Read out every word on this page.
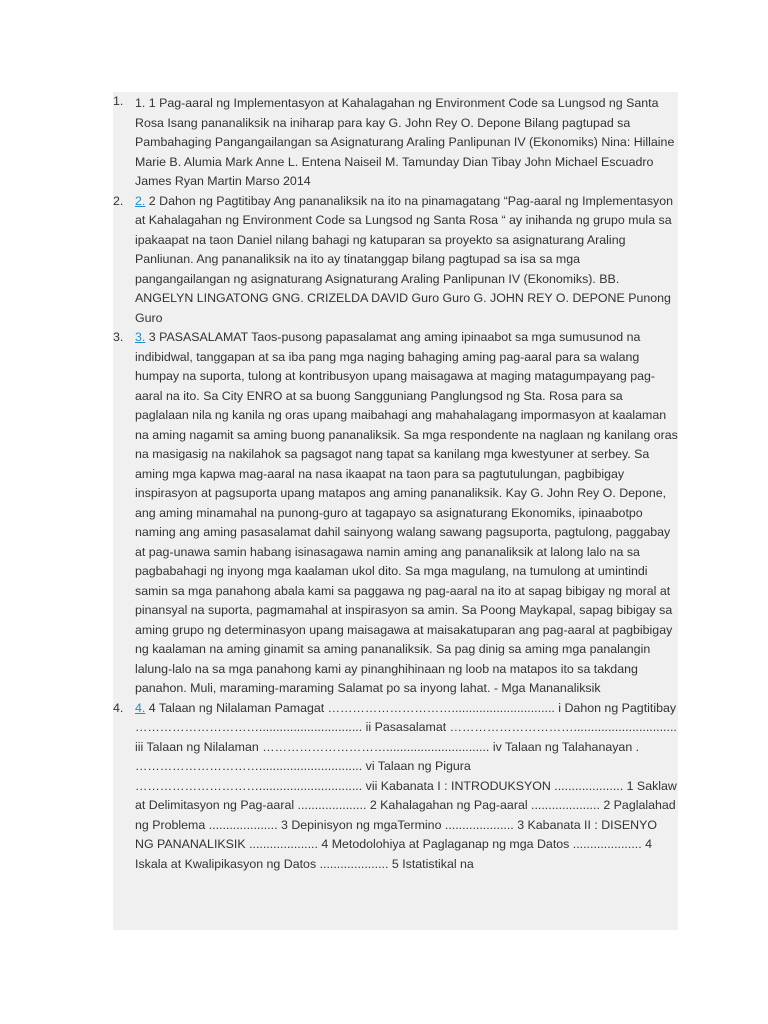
1. 1. 1 Pag-aaral ng Implementasyon at Kahalagahan ng Environment Code sa Lungsod ng Santa Rosa Isang pananaliksik na iniharap para kay G. John Rey O. Depone Bilang pagtupad sa Pambahaging Pangangailangan sa Asignaturang Araling Panlipunan IV (Ekonomiks) Nina: Hillaine Marie B. Alumia Mark Anne L. Entena Naiseil M. Tamunday Dian Tibay John Michael Escuadro James Ryan Martin Marso 2014
2. 2. 2 Dahon ng Pagtitibay Ang pananaliksik na ito na pinamagatang “Pag-aaral ng Implementasyon at Kahalagahan ng Environment Code sa Lungsod ng Santa Rosa “ ay inihanda ng grupo mula sa ipakaapat na taon Daniel nilang bahagi ng katuparan sa proyekto sa asignaturang Araling Panliunan. Ang pananaliksik na ito ay tinatanggap bilang pagtupad sa isa sa mga pangangailangan ng asignaturang Asignaturang Araling Panlipunan IV (Ekonomiks). BB. ANGELYN LINGATONG GNG. CRIZELDA DAVID Guro Guro G. JOHN REY O. DEPONE Punong Guro
3. 3. 3 PASASALAMAT Taos-pusong papasalamat ang aming ipinaabot sa mga sumusunod na indibidwal, tanggapan at sa iba pang mga naging bahaging aming pag-aaral para sa walang humpay na suporta, tulong at kontribusyon upang maisagawa at maging matagumpayang pag-aaral na ito. Sa City ENRO at sa buong Sangguniang Panglungsod ng Sta. Rosa para sa paglalaan nila ng kanila ng oras upang maibahagi ang mahahalagang impormasyon at kaalaman na aming nagamit sa aming buong pananaliksik. Sa mga respondente na naglaan ng kanilang oras na masigasig na nakilahok sa pagsagot nang tapat sa kanilang mga kwestyuner at serbey. Sa aming mga kapwa mag-aaral na nasa ikaapat na taon para sa pagtutulungan, pagbibigay inspirasyon at pagsuporta upang matapos ang aming pananaliksik. Kay G. John Rey O. Depone, ang aming minamahal na punong-guro at tagapayo sa asignaturang Ekonomiks, ipinaabotpo naming ang aming pasasalamat dahil sainyong walang sawang pagsuporta, pagtulong, paggabay at pag-unawa samin habang isinasagawa namin aming ang pananaliksik at lalong lalo na sa pagbabahagi ng inyong mga kaalaman ukol dito. Sa mga magulang, na tumulong at umintindi samin sa mga panahong abala kami sa paggawa ng pag-aaral na ito at sapag bibigay ng moral at pinansyal na suporta, pagmamahal at inspirasyon sa amin. Sa Poong Maykapal, sapag bibigay sa aming grupo ng determinasyon upang maisagawa at maisakatuparan ang pag-aaral at pagbibigay ng kaalaman na aming ginamit sa aming pananaliksik. Sa pag dinig sa aming mga panalangin lalung-lalo na sa mga panahong kami ay pinanghihinaan ng loob na matapos ito sa takdang panahon. Muli, maraming-maraming Salamat po sa inyong lahat. - Mga Mananaliksik
4. 4. 4 Talaan ng Nilalaman Pamagat ………………………….............................. i Dahon ng Pagtitibay ………………………….............................. ii Pasasalamat ………………………….............................. iii Talaan ng Nilalaman ………………………….............................. iv Talaan ng Talahanayan . ………………………….............................. vi Talaan ng Pigura ………………………….............................. vii Kabanata I : INTRODUKSYON .................... 1 Saklaw at Delimitasyon ng Pag-aaral .................... 2 Kahalagahan ng Pag-aaral .................... 2 Paglalahad ng Problema .................... 3 Depinisyon ng mgaTermino .................... 3 Kabanata II : DISENYO NG PANANALIKSIK .................... 4 Metodolohiya at Paglaganap ng mga Datos .................... 4 Iskala at Kwalipikasyon ng Datos .................... 5 Istatistikal na
